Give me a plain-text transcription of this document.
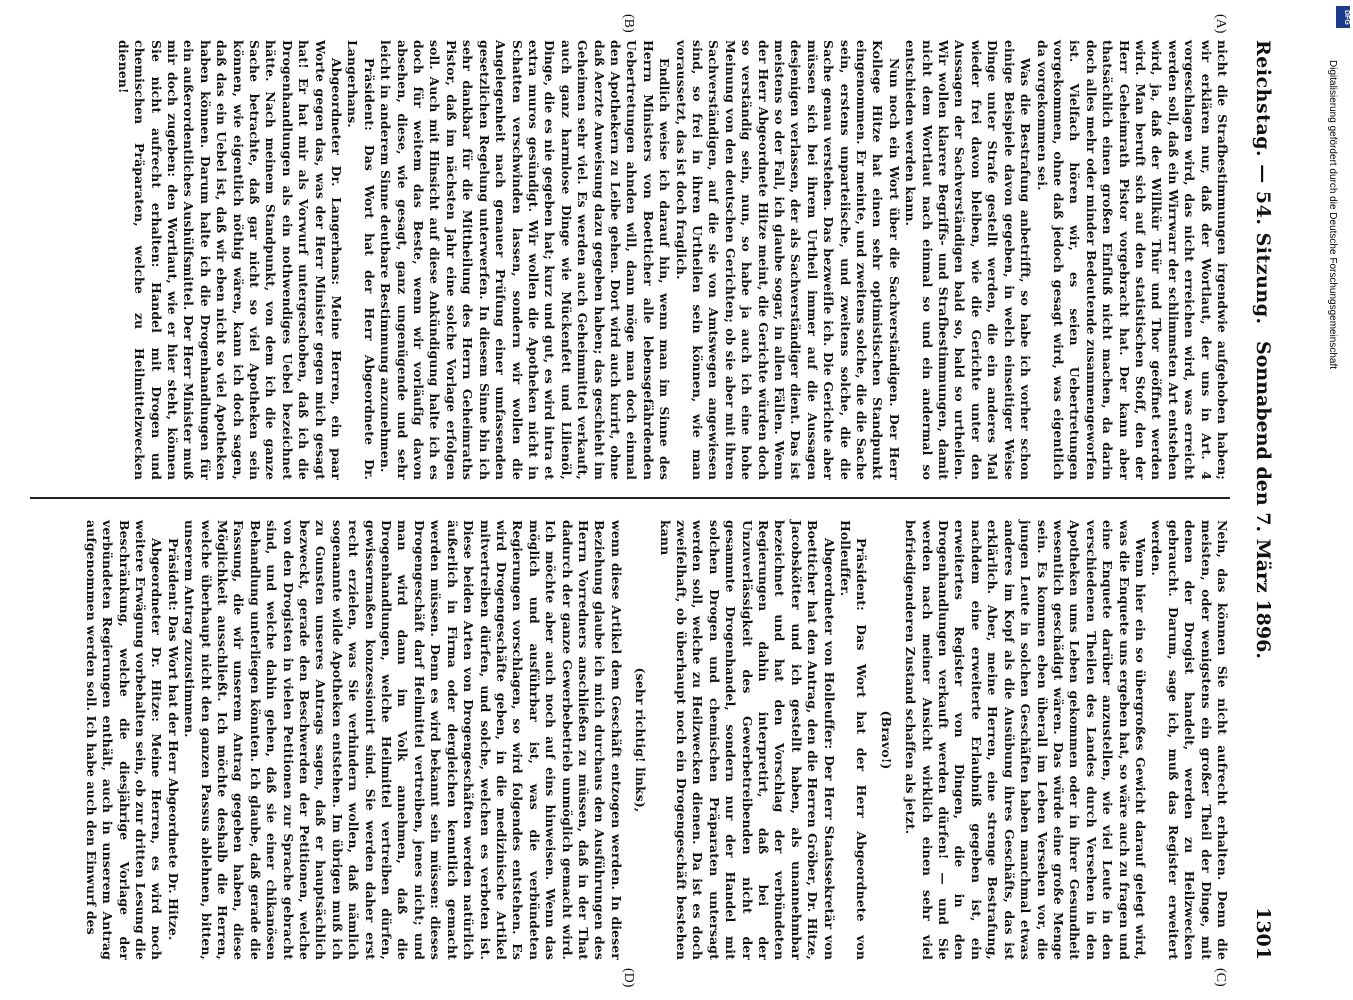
Reichstag. — 54. Sitzung.
Sonnabend den 7. März 1896.
1301
(A)
(B)
(C)
(D)

nicht die Strafbestimmungen irgendwie aufgehoben haben; wir erklären nur, daß der Wortlaut, der uns in Art. 4 vorgeschlagen wird, das nicht erreichen wird, was erreicht werden soll, daß ein Wirrwarr der schlimmsten Art entstehen wird, ja, daß der Willkür Thür und Thor geöffnet werden wird. Man beruft sich auf den statistischen Stoff, den der Herr Geheimrath Pistor vorgebracht hat. Der kann aber thatsächlich einen großen Einfluß nicht machen, da darin doch alles mehr oder minder Bedeutende zusammengeworfen ist. Vielfach hören wir, es seien Uebertretungen vorgekommen, ohne daß jedoch gesagt wird, was eigentlich da vorgekommen sei.

Was die Bestrafung anbetrifft, so habe ich vorher schon einige Beispiele davon gegeben, in welch einseitiger Weise Dinge unter Strafe gestellt werden, die ein anderes Mal wieder frei davon bleiben, wie die Gerichte unter den Aussagen der Sachverständigen bald so, bald so urtheilen. Wir wollen klarere Begriffs- und Strafbestimmungen, damit nicht dem Wortlaut nach einmal so und ein andermal so entschieden werden kann.

Nun noch ein Wort über die Sachverständigen. Der Herr Kollege Hitze hat einen sehr optimistischen Standpunkt eingenommen. Er meinte, und zweitens solche, die die Sache sein, erstens unparteiische, und zweitens solche, die die Sache genau verstehen. Das bezweifle ich. Die Gerichte aber müssen sich bei ihrem Urtheil immer auf die Aussagen desjenigen verlassen, der als Sachverständiger dient. Das ist meistens so der Fall, ich glaube sogar, in allen Fällen. Wenn der Herr Abgeordnete Hitze meint, die Gerichte würden doch so verständig sein, nun, so habe ja auch ich eine hohe Meinung von den deutschen Gerichten; ob sie aber mit ihren Sachverständigen, auf die sie von Amtswegen angewiesen sind, so frei in ihren Urtheilen sein können, wie man voraussetzt, das ist doch fraglich.

Endlich weise ich darauf hin, wenn man im Sinne des Herrn Ministers von Boetticher alle lebensgefährdenden Uebertretungen ahnden will, dann möge man doch einmal den Apothekern zu Leibe gehen. Dort wird auch kurirt, ohne daß Aerzte Anweisung dazu gegeben haben; das geschieht im Geheimen sehr viel. Es werden auch Geheimmittel verkauft, auch ganz harmlose Dinge wie Mückenfett und Lilienöl, Dinge, die es nie gegeben hat; kurz und gut, es wird intra et extra muros gesündigt. Wir wollen die Apotheken nicht in Schatten verschwinden lassen, sondern wir wollen die Angelegenheit nach genauer Prüfung einer umfassenden gesetzlichen Regelung unterwerfen. In diesem Sinne bin ich sehr dankbar für die Mittheilung des Herrn Geheimraths Pistor, daß im nächsten Jahr eine solche Vorlage erfolgen soll. Auch mit Hinsicht auf diese Ankündigung halte ich es doch für weitem das Beste, wenn wir vorläufig davon absehen, diese, wie gesagt, ganz ungenügende und sehr leicht in anderem Sinne deutbare Bestimmung anzunehmen.

Präsident: Das Wort hat der Herr Abgeordnete Dr. Langerhans.

Abgeordneter Dr. Langerhans: Meine Herren, ein paar Worte gegen das, was der Herr Minister gegen mich gesagt hat! Er hat mir als Vorwurf untergeschoben, daß ich die Drogenhandlungen als ein nothwendiges Uebel bezeichnet hätte. Nach meinem Standpunkt, von dem ich die ganze Sache betrachte, daß gar nicht so viel Apotheken sein können, wie eigentlich nöthig wären, kann ich doch sagen, daß das ein Uebel ist, daß wir eben nicht so viel Apotheken haben können. Darum halte ich die Drogenhandlungen für ein außerordentliches Aushülfsmittel. Der Herr Minister muß mir doch zugeben: den Wortlaut, wie er hier steht, können Sie nicht aufrecht erhalten: Handel mit Drogen und chemischen Präparaten, welche zu Heilmittelzwecken dienen!

Nein, das können Sie nicht aufrecht erhalten. Denn die meisten, oder wenigstens ein großer Theil der Dinge, mit denen der Drogist handelt, werden zu Heilzwecken gebraucht. Darum, sage ich, muß das Register erweitert werden.

Wenn hier ein so übergroßes Gewicht darauf gelegt wird, was die Enquete uns ergeben hat, so wäre auch zu fragen und eine Enquete darüber anzustellen, wie viel Leute in den verschiedenen Theilen des Landes durch Versehen in den Apotheken ums Leben gekommen oder in ihrer Gesundheit wesentlich geschädigt wären. Das würde eine große Menge sein. Es kommen eben überall im Leben Versehen vor, die jungen Leute in solchen Geschäften haben manchmal etwas anderes im Kopf als die Ausübung ihres Geschäfts, das ist erklärlich. Aber, meine Herren, eine strenge Bestrafung, nachdem eine erweiterte Erlaubniß gegeben ist, ein erweitertes Register von Dingen, die in den Drogenhandlungen verkauft werden dürfen! — und Sie werden nach meiner Ansicht wirklich einen sehr viel befriedigenderen Zustand schaffen als jetzt.

(Bravo!)

Präsident: Das Wort hat der Herr Abgeordnete von Holleuffer.

Abgeordneter von Holleuffer: Der Herr Staatssekretär von Boetticher hat den Antrag, den die Herren Gröber, Dr. Hitze, Jacobskötter und ich gestellt haben, als unannehmbar bezeichnet und hat den Vorschlag der verbündeten Regierungen dahin interpretirt, daß bei der Unzuverlässigkeit des Gewerbetreibenden nicht der gesammte Drogenhandel, sondern nur der Handel mit solchen Drogen und chemischen Präparaten untersagt werden soll, welche zu Heilzwecken dienen. Da ist es doch zweifelhaft, ob überhaupt noch ein Drogengeschäft bestehen kann

(sehr richtig! links),

wenn diese Artikel dem Geschäft entzogen werden. In dieser Beziehung glaube ich mich durchaus den Ausführungen des Herrn Vorredners anschließen zu müssen, daß in der That dadurch der ganze Gewerbebetrieb unmöglich gemacht wird. Ich möchte aber auch noch auf eins hinweisen. Wenn das möglich und ausführbar ist, was die verbündeten Regierungen vorschlagen, so wird folgendes entstehen. Es wird Drogengeschäfte geben, in die medizinische Artikel mitvertreiben dürfen, und solche, welchen es verboten ist. Diese beiden Arten von Drogengeschäften werden natürlich äußerlich in Firma oder dergleichen kenntlich gemacht werden müssen. Denn es wird bekannt sein müssen: dieses Drogengeschäft darf Heilmittel vertreiben, jenes nicht; und man wird dann im Volk annehmen, daß die Drogenhandlungen, welche Heilmittel vertreiben dürfen, gewissermaßen konzessionirt sind. Sie werden daher erst recht erzielen, was Sie verhindern wollen, daß nämlich sogenannte wilde Apotheken entstehen. Im übrigen muß ich zu Gunsten unseres Antrags sagen, daß er hauptsächlich bezweckt, gerade den Beschwerden der Petitionen, welche von den Drogisten in vielen Petitionen zur Sprache gebracht sind, und welche dahin gehen, daß sie einer chikanösen Behandlung unterliegen könnten. Ich glaube, daß gerade die Fassung, die wir unserem Antrag gegeben haben, diese Möglichkeit ausschließt. Ich möchte deshalb die Herren, welche überhaupt nicht den ganzen Passus ablehnen, bitten, unserem Antrag zuzustimmen.

Präsident: Das Wort hat der Herr Abgeordnete Dr. Hitze.

Abgeordneter Dr. Hitze: Meine Herren, es wird noch weitere Erwägung vorbehalten sein, ob zur dritten Lesung die Beschränkung, welche die diesjährige Vorlage der verbündeten Regierungen enthält, auch in unserem Antrag aufgenommen werden soll. Ich habe auch den Einwurf des

DFG
Digitalisierung gefördert durch die Deutsche Forschungsgemeinschaft
